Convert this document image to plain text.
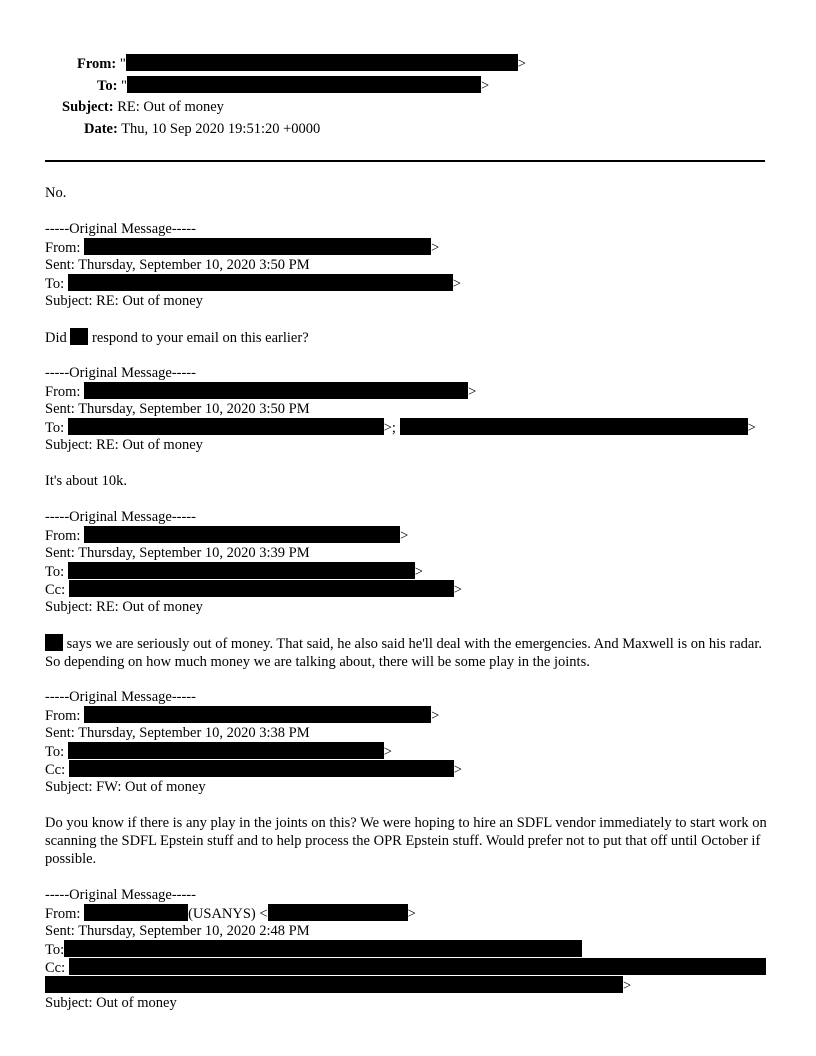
From: "	>
To: "	>
Subject: RE: Out of money
Date: Thu, 10 Sep 2020 19:51:20 +0000
No.
-----Original Message-----
From:	>
Sent: Thursday, September 10, 2020 3:50 PM
To:	>
Subject: RE: Out of money
Did respond to your email on this earlier?
-----Original Message-----
From:	>
Sent: Thursday, September 10, 2020 3:50 PM
To:	>;	>
Subject: RE: Out of money
It's about 10k.
-----Original Message-----
From:	>
Sent: Thursday, September 10, 2020 3:39 PM
To:	>
Cc:	>
Subject: RE: Out of money
says we are seriously out of money. That said, he also said he'll deal with the emergencies. And Maxwell is on his radar. So depending on how much money we are talking about, there will be some play in the joints.
-----Original Message-----
From:	>
Sent: Thursday, September 10, 2020 3:38 PM
To:	>
Cc:	>
Subject: FW: Out of money
Do you know if there is any play in the joints on this? We were hoping to hire an SDFL vendor immediately to start work on scanning the SDFL Epstein stuff and to help process the OPR Epstein stuff. Would prefer not to put that off until October if possible.
-----Original Message-----
From:	(USANYS) <	>
Sent: Thursday, September 10, 2020 2:48 PM
To:
Cc:
>
Subject: Out of money
